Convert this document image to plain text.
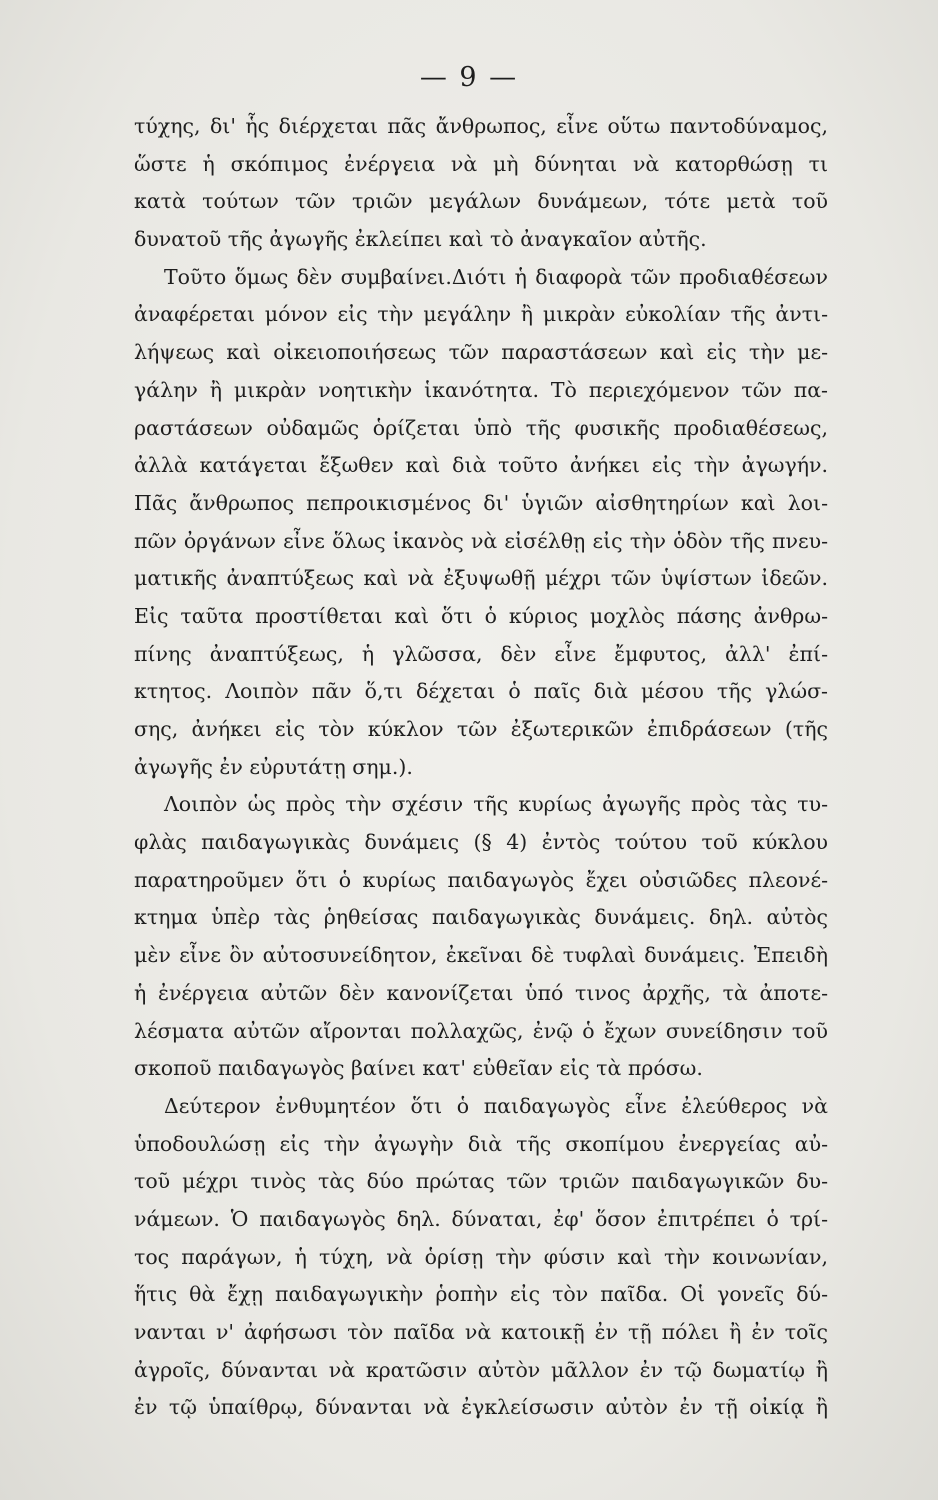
— 9 —
τύχης, δι' ἧς διέρχεται πᾶς ἄνθρωπος, εἶνε οὕτω παντοδύναμος,
ὥστε ἡ σκόπιμος ἐνέργεια νὰ μὴ δύνηται νὰ κατορθώσῃ τι
κατὰ τούτων τῶν τριῶν μεγάλων δυνάμεων, τότε μετὰ τοῦ
δυνατοῦ τῆς ἀγωγῆς ἐκλείπει καὶ τὸ ἀναγκαῖον αὐτῆς.
Τοῦτο ὅμως δὲν συμβαίνει.Διότι ἡ διαφορὰ τῶν προδιαθέσεων
ἀναφέρεται μόνον εἰς τὴν μεγάλην ἢ μικρὰν εὐκολίαν τῆς ἀντι-
λήψεως καὶ οἰκειοποιήσεως τῶν παραστάσεων καὶ εἰς τὴν με-
γάλην ἢ μικρὰν νοητικὴν ἱκανότητα. Τὸ περιεχόμενον τῶν πα-
ραστάσεων οὐδαμῶς ὁρίζεται ὑπὸ τῆς φυσικῆς προδιαθέσεως,
ἀλλὰ κατάγεται ἔξωθεν καὶ διὰ τοῦτο ἀνήκει εἰς τὴν ἀγωγήν.
Πᾶς ἄνθρωπος πεπροικισμένος δι' ὑγιῶν αἰσθητηρίων καὶ λοι-
πῶν ὀργάνων εἶνε ὅλως ἱκανὸς νὰ εἰσέλθῃ εἰς τὴν ὁδὸν τῆς πνευ-
ματικῆς ἀναπτύξεως καὶ νὰ ἐξυψωθῇ μέχρι τῶν ὑψίστων ἰδεῶν.
Εἰς ταῦτα προστίθεται καὶ ὅτι ὁ κύριος μοχλὸς πάσης ἀνθρω-
πίνης ἀναπτύξεως, ἡ γλῶσσα, δὲν εἶνε ἔμφυτος, ἀλλ' ἐπί-
κτητος. Λοιπὸν πᾶν ὅ,τι δέχεται ὁ παῖς διὰ μέσου τῆς γλώσ-
σης, ἀνήκει εἰς τὸν κύκλον τῶν ἐξωτερικῶν ἐπιδράσεων (τῆς
ἀγωγῆς ἐν εὐρυτάτῃ σημ.).
Λοιπὸν ὡς πρὸς τὴν σχέσιν τῆς κυρίως ἀγωγῆς πρὸς τὰς τυ-
φλὰς παιδαγωγικὰς δυνάμεις (§ 4) ἐντὸς τούτου τοῦ κύκλου
παρατηροῦμεν ὅτι ὁ κυρίως παιδαγωγὸς ἔχει οὐσιῶδες πλεονέ-
κτημα ὑπὲρ τὰς ῥηθείσας παιδαγωγικὰς δυνάμεις. δηλ. αὐτὸς
μὲν εἶνε ὂν αὐτοσυνείδητον, ἐκεῖναι δὲ τυφλαὶ δυνάμεις. Ἐπειδὴ
ἡ ἐνέργεια αὐτῶν δὲν κανονίζεται ὑπό τινος ἀρχῆς, τὰ ἀποτε-
λέσματα αὐτῶν αἴρονται πολλαχῶς, ἐνῷ ὁ ἔχων συνείδησιν τοῦ
σκοποῦ παιδαγωγὸς βαίνει κατ' εὐθεῖαν εἰς τὰ πρόσω.
Δεύτερον ἐνθυμητέον ὅτι ὁ παιδαγωγὸς εἶνε ἐλεύθερος νὰ
ὑποδουλώσῃ εἰς τὴν ἀγωγὴν διὰ τῆς σκοπίμου ἐνεργείας αὐ-
τοῦ μέχρι τινὸς τὰς δύο πρώτας τῶν τριῶν παιδαγωγικῶν δυ-
νάμεων. Ὁ παιδαγωγὸς δηλ. δύναται, ἐφ' ὅσον ἐπιτρέπει ὁ τρί-
τος παράγων, ἡ τύχη, νὰ ὁρίσῃ τὴν φύσιν καὶ τὴν κοινωνίαν,
ἥτις θὰ ἔχῃ παιδαγωγικὴν ῥοπὴν εἰς τὸν παῖδα. Οἱ γονεῖς δύ-
νανται ν' ἀφήσωσι τὸν παῖδα νὰ κατοικῇ ἐν τῇ πόλει ἢ ἐν τοῖς
ἀγροῖς, δύνανται νὰ κρατῶσιν αὐτὸν μᾶλλον ἐν τῷ δωματίῳ ἢ
ἐν τῷ ὑπαίθρῳ, δύνανται νὰ ἐγκλείσωσιν αὐτὸν ἐν τῇ οἰκίᾳ ἢ
